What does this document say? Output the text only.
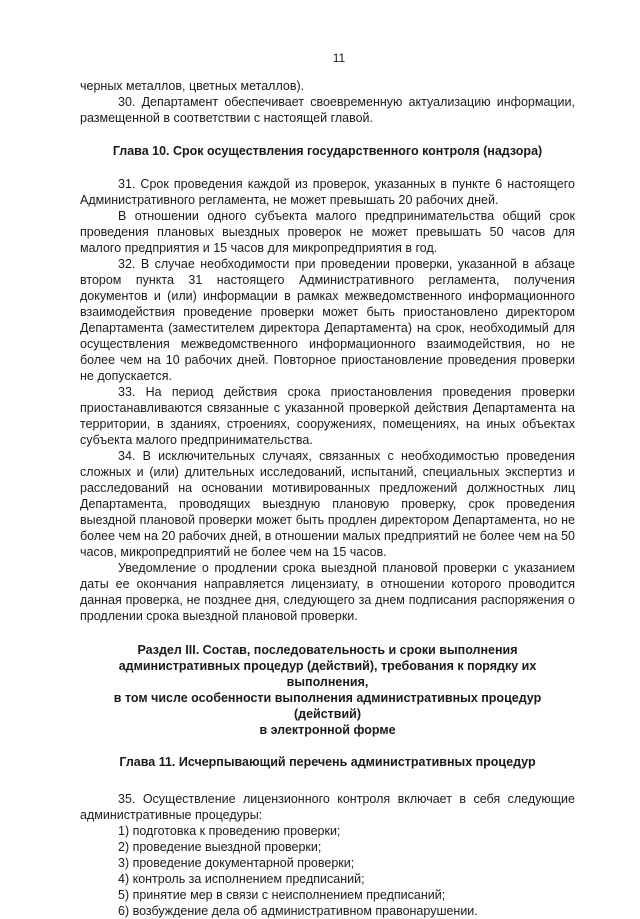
11

черных металлов, цветных металлов).

30. Департамент обеспечивает своевременную актуализацию информации, размещенной в соответствии с настоящей главой.

Глава 10. Срок осуществления государственного контроля (надзора)

31. Срок проведения каждой из проверок, указанных в пункте 6 настоящего Административного регламента, не может превышать 20 рабочих дней.

В отношении одного субъекта малого предпринимательства общий срок проведения плановых выездных проверок не может превышать 50 часов для малого предприятия и 15 часов для микропредприятия в год.

32. В случае необходимости при проведении проверки, указанной в абзаце втором пункта 31 настоящего Административного регламента, получения документов и (или) информации в рамках межведомственного информационного взаимодействия проведение проверки может быть приостановлено директором Департамента (заместителем директора Департамента) на срок, необходимый для осуществления межведомственного информационного взаимодействия, но не более чем на 10 рабочих дней. Повторное приостановление проведения проверки не допускается.

33. На период действия срока приостановления проведения проверки приостанавливаются связанные с указанной проверкой действия Департамента на территории, в зданиях, строениях, сооружениях, помещениях, на иных объектах субъекта малого предпринимательства.

34. В исключительных случаях, связанных с необходимостью проведения сложных и (или) длительных исследований, испытаний, специальных экспертиз и расследований на основании мотивированных предложений должностных лиц Департамента, проводящих выездную плановую проверку, срок проведения выездной плановой проверки может быть продлен директором Департамента, но не более чем на 20 рабочих дней, в отношении малых предприятий не более чем на 50 часов, микропредприятий не более чем на 15 часов.

Уведомление о продлении срока выездной плановой проверки с указанием даты ее окончания направляется лицензиату, в отношении которого проводится данная проверка, не позднее дня, следующего за днем подписания распоряжения о продлении срока выездной плановой проверки.

Раздел III. Состав, последовательность и сроки выполнения
административных процедур (действий), требования к порядку их выполнения,
в том числе особенности выполнения административных процедур (действий)
в электронной форме
Глава 11. Исчерпывающий перечень административных процедур

35. Осуществление лицензионного контроля включает в себя следующие административные процедуры:

1) подготовка к проведению проверки;

2) проведение выездной проверки;

3) проведение документарной проверки;

4) контроль за исполнением предписаний;

5) принятие мер в связи с неисполнением предписаний;

6) возбуждение дела об административном правонарушении.
